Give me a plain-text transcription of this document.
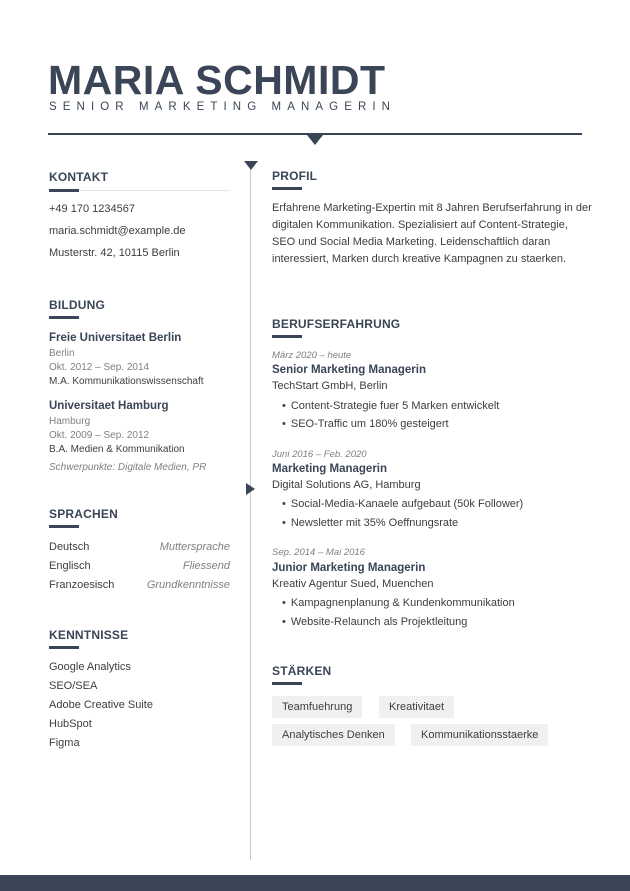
MARIA SCHMIDT
SENIOR MARKETING MANAGERIN
KONTAKT
+49 170 1234567
maria.schmidt@example.de
Musterstr. 42, 10115 Berlin
BILDUNG
Freie Universitaet Berlin
Berlin
Okt. 2012 – Sep. 2014
M.A. Kommunikationswissenschaft
Universitaet Hamburg
Hamburg
Okt. 2009 – Sep. 2012
B.A. Medien & Kommunikation
Schwerpunkte: Digitale Medien, PR
SPRACHEN
Deutsch	Muttersprache
Englisch	Fliessend
Franzoesisch	Grundkenntnisse
KENNTNISSE
Google Analytics
SEO/SEA
Adobe Creative Suite
HubSpot
Figma
PROFIL
Erfahrene Marketing-Expertin mit 8 Jahren Berufserfahrung in der digitalen Kommunikation. Spezialisiert auf Content-Strategie, SEO und Social Media Marketing. Leidenschaftlich daran interessiert, Marken durch kreative Kampagnen zu staerken.
BERUFSERFAHRUNG
März 2020 – heute
Senior Marketing Managerin
TechStart GmbH, Berlin
• Content-Strategie fuer 5 Marken entwickelt
• SEO-Traffic um 180% gesteigert
Juni 2016 – Feb. 2020
Marketing Managerin
Digital Solutions AG, Hamburg
• Social-Media-Kanaele aufgebaut (50k Follower)
• Newsletter mit 35% Oeffnungsrate
Sep. 2014 – Mai 2016
Junior Marketing Managerin
Kreativ Agentur Sued, Muenchen
• Kampagnenplanung & Kundenkommunikation
• Website-Relaunch als Projektleitung
STÄRKEN
Teamfuehrung	Kreativitaet
Analytisches Denken	Kommunikationsstaerke
